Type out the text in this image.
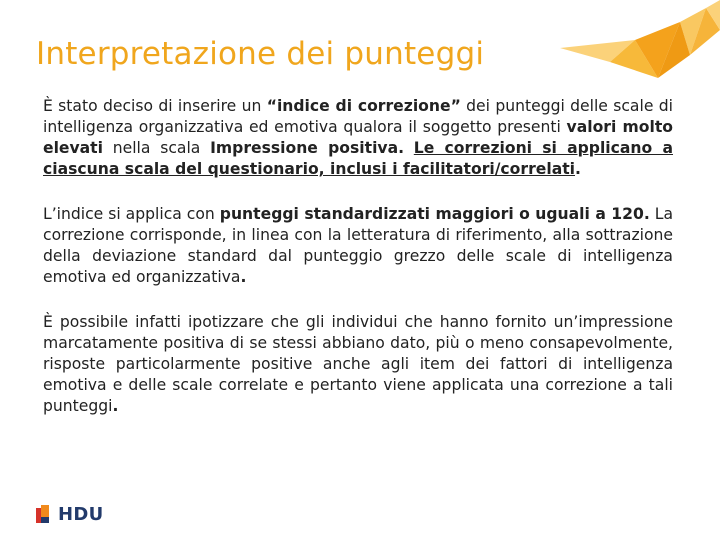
Interpretazione dei punteggi

È stato deciso di inserire un “indice di correzione” dei punteggi delle scale di intelligenza organizzativa ed emotiva qualora il soggetto presenti valori molto elevati nella scala Impressione positiva. Le correzioni si applicano a ciascuna scala del questionario, inclusi i facilitatori/correlati.

L’indice si applica con punteggi standardizzati maggiori o uguali a 120. La correzione corrisponde, in linea con la letteratura di riferimento, alla sottrazione della deviazione standard dal punteggio grezzo delle scale di intelligenza emotiva ed organizzativa.

È possibile infatti ipotizzare che gli individui che hanno fornito un’impressione marcatamente positiva di se stessi abbiano dato, più o meno consapevolmente, risposte particolarmente positive anche agli item dei fattori di intelligenza emotiva e delle scale correlate e pertanto viene applicata una correzione a tali punteggi.

HDU
